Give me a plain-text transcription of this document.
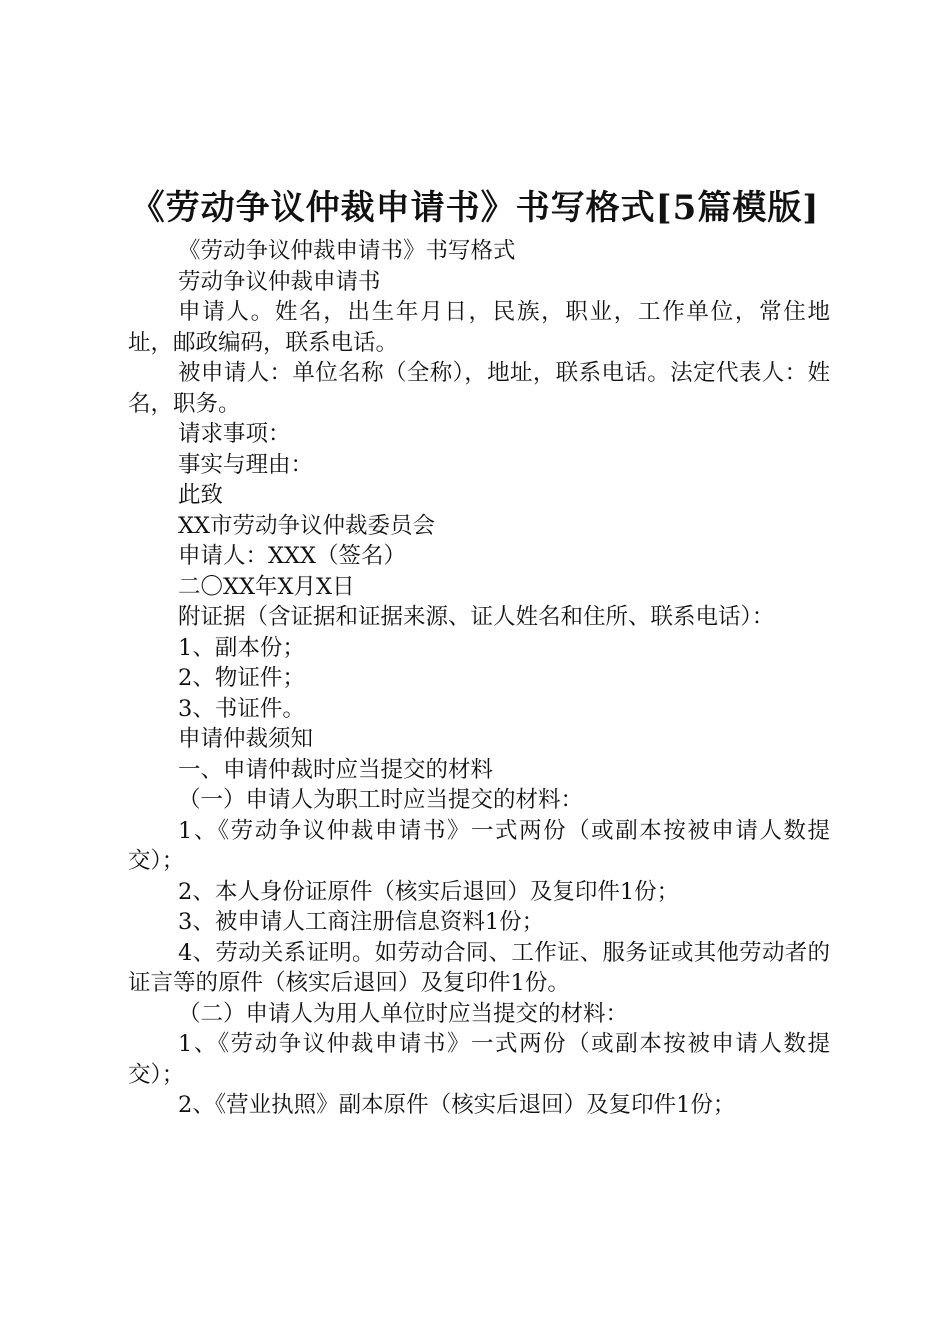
《劳动争议仲裁申请书》书写格式[5篇模版]

《劳动争议仲裁申请书》书写格式

劳动争议仲裁申请书

申请人。姓名，出生年月日，民族，职业，工作单位，常住地址，邮政编码，联系电话。

被申请人：单位名称（全称），地址，联系电话。法定代表人：姓名，职务。

请求事项：

事实与理由：

此致

XX市劳动争议仲裁委员会

申请人：XXX（签名）

二〇XX年X月X日

附证据（含证据和证据来源、证人姓名和住所、联系电话）：

1、副本份；

2、物证件；

3、书证件。

申请仲裁须知

一、申请仲裁时应当提交的材料

（一）申请人为职工时应当提交的材料：

1、《劳动争议仲裁申请书》一式两份（或副本按被申请人数提交）；

2、本人身份证原件（核实后退回）及复印件1份；

3、被申请人工商注册信息资料1份；

4、劳动关系证明。如劳动合同、工作证、服务证或其他劳动者的证言等的原件（核实后退回）及复印件1份。

（二）申请人为用人单位时应当提交的材料：

1、《劳动争议仲裁申请书》一式两份（或副本按被申请人数提交）；

2、《营业执照》副本原件（核实后退回）及复印件1份；
